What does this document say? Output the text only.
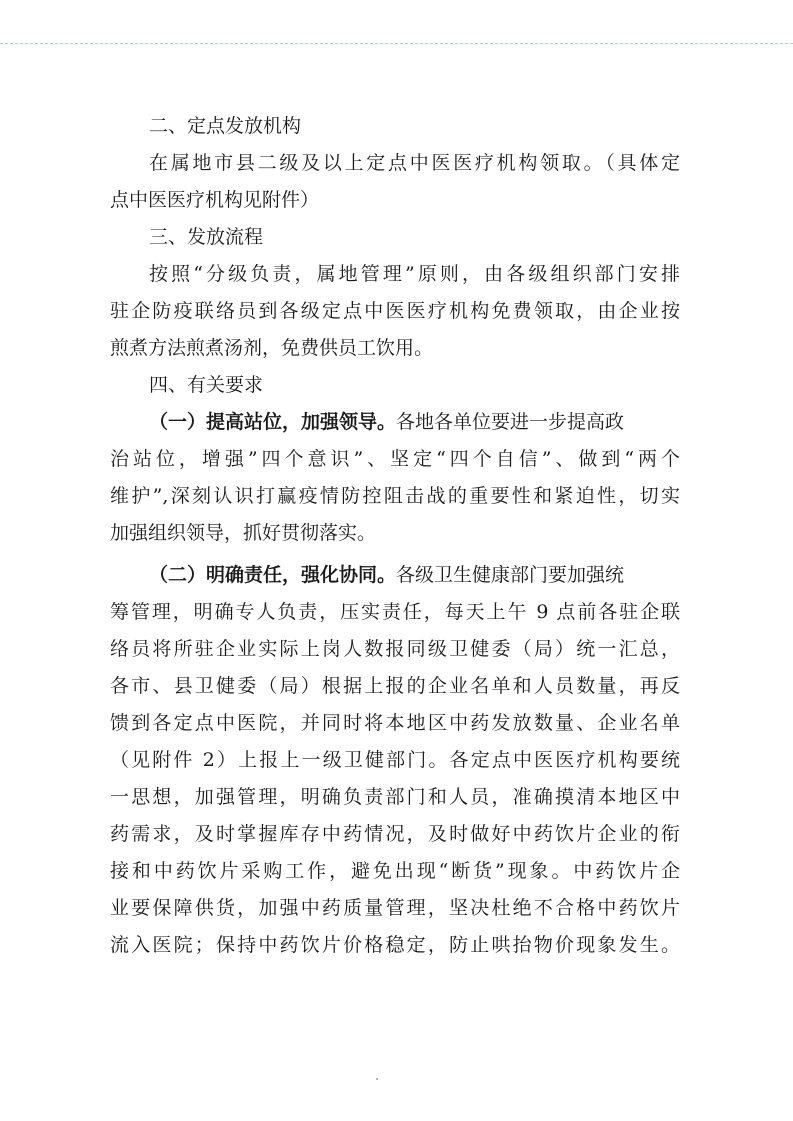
二、定点发放机构
在属地市县二级及以上定点中医医疗机构领取。（具体定
点中医医疗机构见附件）
三、发放流程
按照“分级负责，属地管理”原则，由各级组织部门安排
驻企防疫联络员到各级定点中医医疗机构免费领取，由企业按
煎煮方法煎煮汤剂，免费供员工饮用。
四、有关要求
（一）提高站位，加强领导。各地各单位要进一步提高政
治站位，增强”四个意识”、坚定“四个自信”、做到“两个
维护”,深刻认识打赢疫情防控阻击战的重要性和紧迫性，切实
加强组织领导，抓好贯彻落实。
（二）明确责任，强化协同。各级卫生健康部门要加强统
筹管理，明确专人负责，压实责任，每天上午 9 点前各驻企联
络员将所驻企业实际上岗人数报同级卫健委（局）统一汇总，
各市、县卫健委（局）根据上报的企业名单和人员数量，再反
馈到各定点中医院，并同时将本地区中药发放数量、企业名单
（见附件 2）上报上一级卫健部门。各定点中医医疗机构要统
一思想，加强管理，明确负责部门和人员，准确摸清本地区中
药需求，及时掌握库存中药情况，及时做好中药饮片企业的衔
接和中药饮片采购工作，避免出现“断货”现象。中药饮片企
业要保障供货，加强中药质量管理，坚决杜绝不合格中药饮片
流入医院；保持中药饮片价格稳定，防止哄抬物价现象发生。
